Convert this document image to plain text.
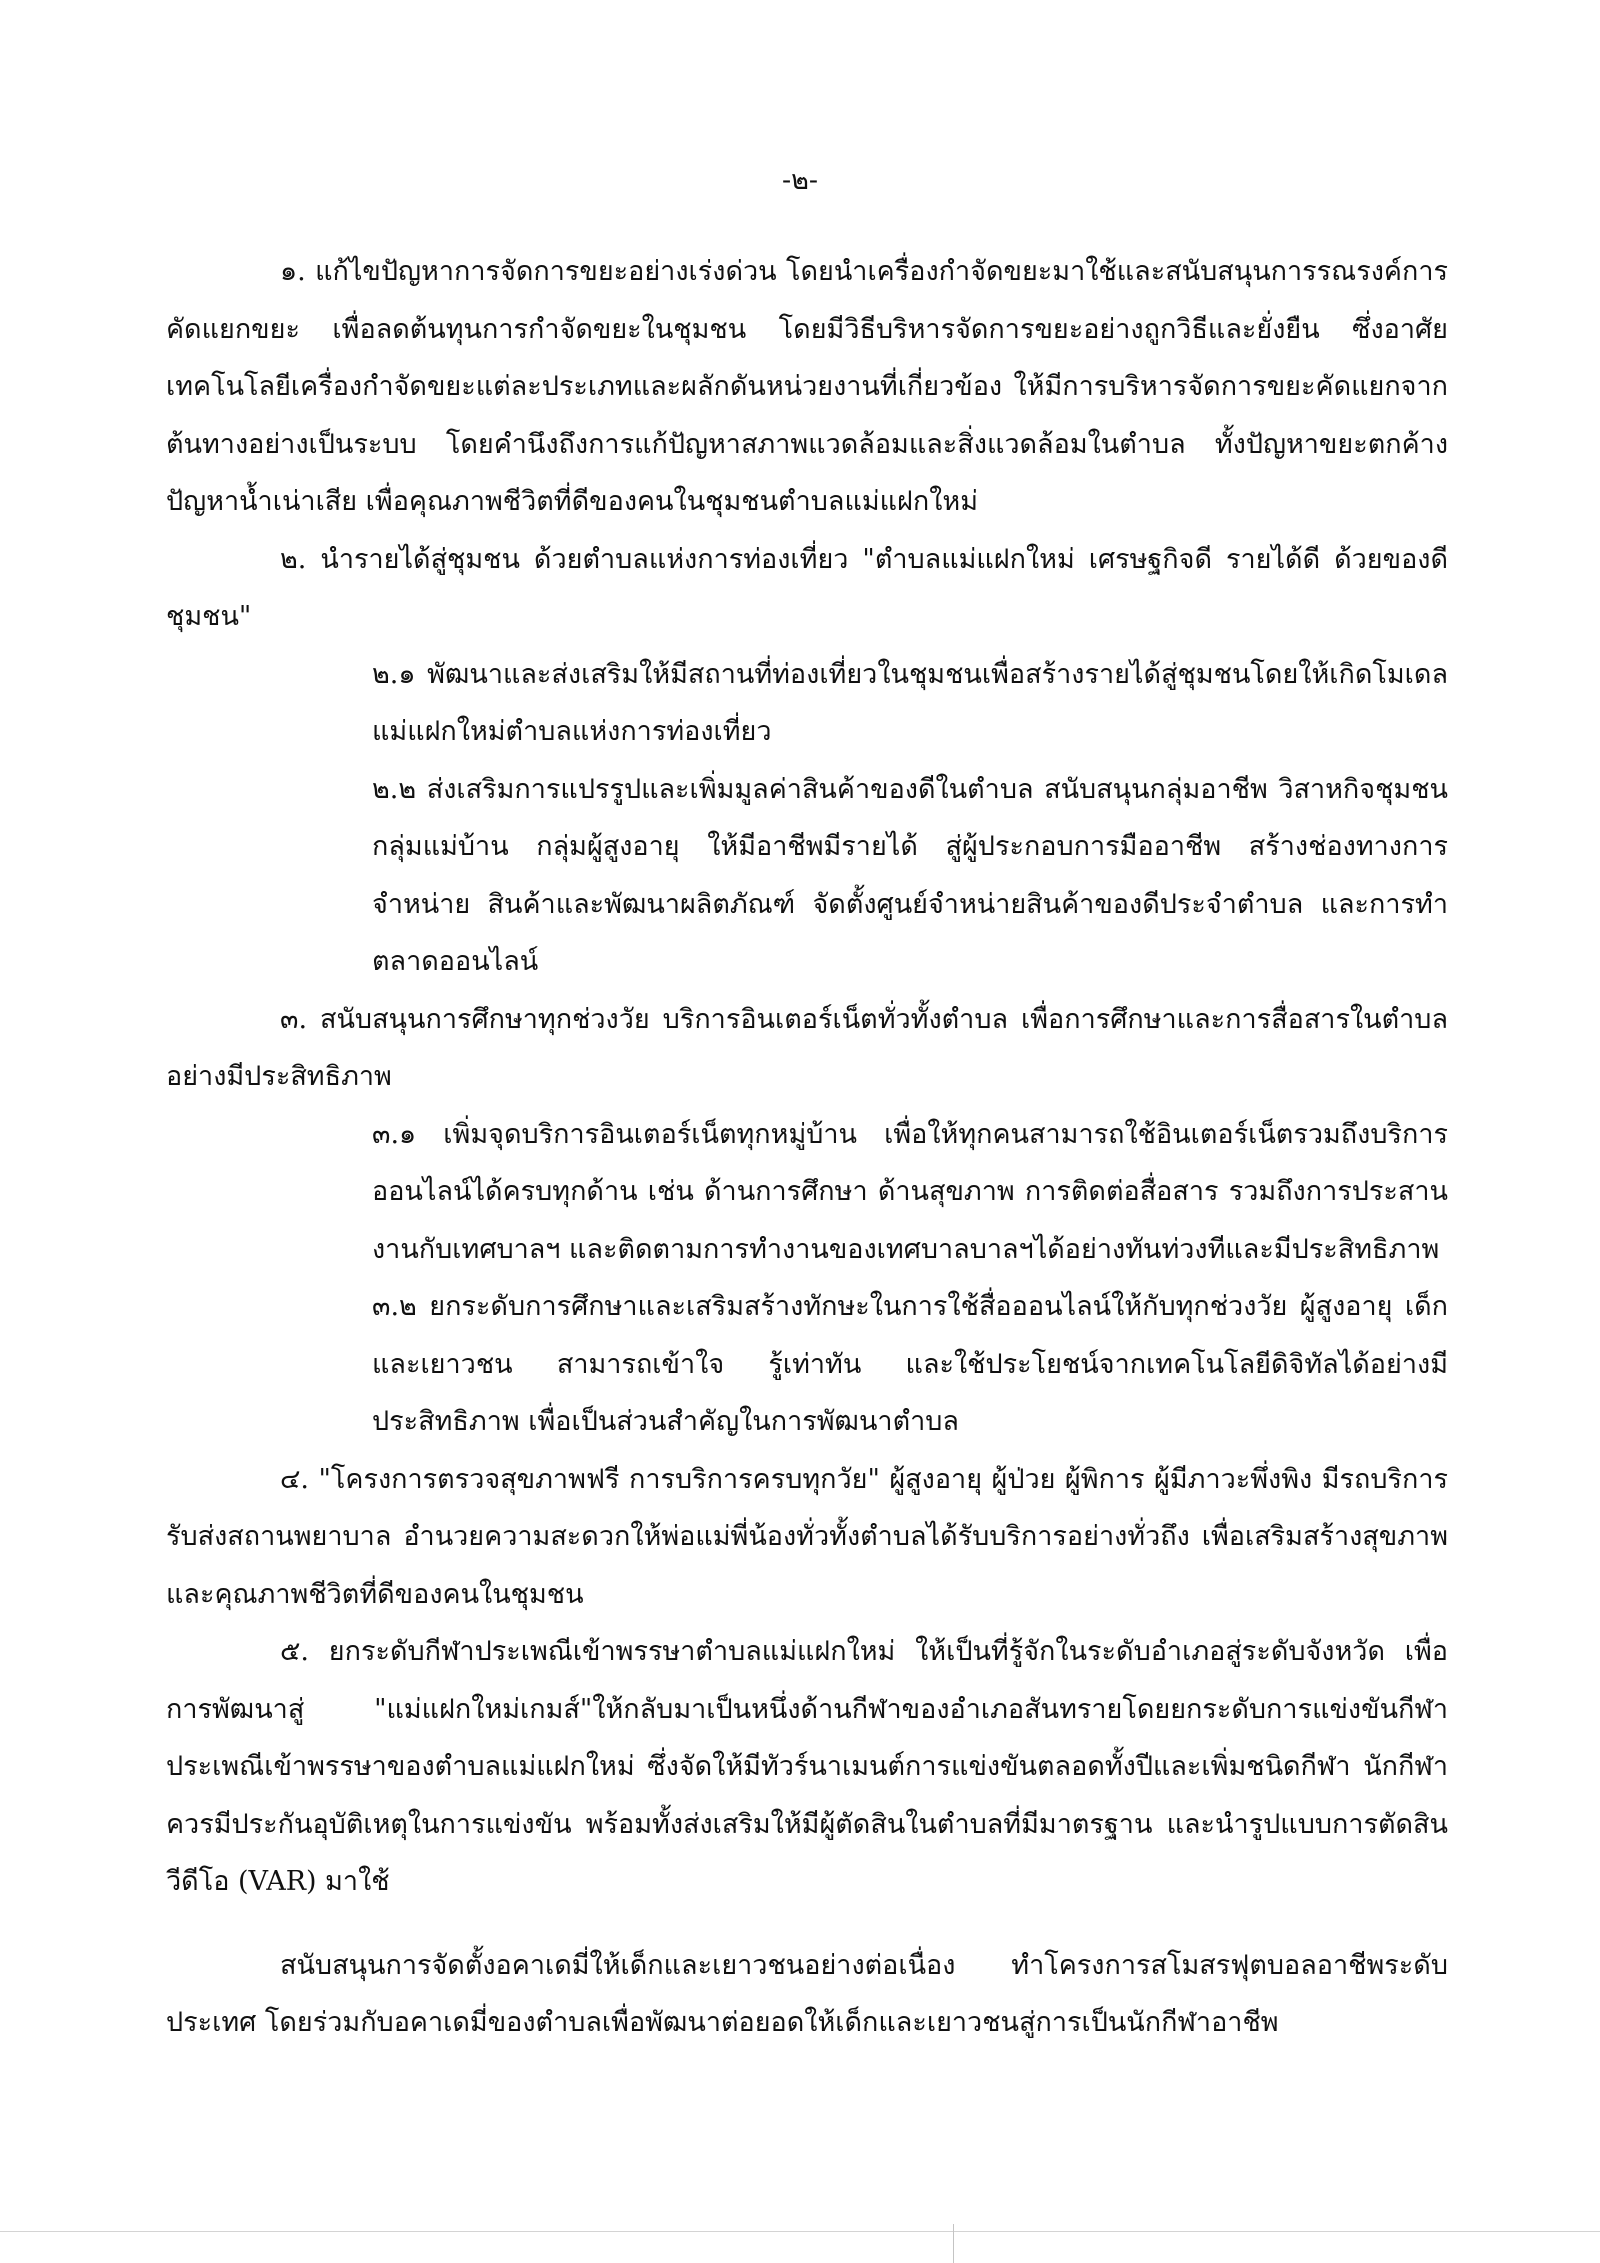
-๒-

๑. แก้ไขปัญหาการจัดการขยะอย่างเร่งด่วน โดยนำเครื่องกำจัดขยะมาใช้และสนับสนุนการรณรงค์การคัดแยกขยะ เพื่อลดต้นทุนการกำจัดขยะในชุมชน โดยมีวิธีบริหารจัดการขยะอย่างถูกวิธีและยั่งยืน ซึ่งอาศัยเทคโนโลยีเครื่องกำจัดขยะแต่ละประเภทและผลักดันหน่วยงานที่เกี่ยวข้อง ให้มีการบริหารจัดการขยะคัดแยกจากต้นทางอย่างเป็นระบบ โดยคำนึงถึงการแก้ปัญหาสภาพแวดล้อมและสิ่งแวดล้อมในตำบล ทั้งปัญหาขยะตกค้าง ปัญหาน้ำเน่าเสีย เพื่อคุณภาพชีวิตที่ดีของคนในชุมชนตำบลแม่แฝกใหม่

๒. นำรายได้สู่ชุมชน ด้วยตำบลแห่งการท่องเที่ยว "ตำบลแม่แฝกใหม่ เศรษฐกิจดี รายได้ดี ด้วยของดีชุมชน"

๒.๑ พัฒนาและส่งเสริมให้มีสถานที่ท่องเที่ยวในชุมชนเพื่อสร้างรายได้สู่ชุมชนโดยให้เกิดโมเดล แม่แฝกใหม่ตำบลแห่งการท่องเที่ยว

๒.๒ ส่งเสริมการแปรรูปและเพิ่มมูลค่าสินค้าของดีในตำบล สนับสนุนกลุ่มอาชีพ วิสาหกิจชุมชน กลุ่มแม่บ้าน กลุ่มผู้สูงอายุ ให้มีอาชีพมีรายได้ สู่ผู้ประกอบการมืออาชีพ สร้างช่องทางการจำหน่าย สินค้าและพัฒนาผลิตภัณฑ์ จัดตั้งศูนย์จำหน่ายสินค้าของดีประจำตำบล และการทำตลาดออนไลน์

๓. สนับสนุนการศึกษาทุกช่วงวัย บริการอินเตอร์เน็ตทั่วทั้งตำบล เพื่อการศึกษาและการสื่อสารในตำบลอย่างมีประสิทธิภาพ

๓.๑ เพิ่มจุดบริการอินเตอร์เน็ตทุกหมู่บ้าน เพื่อให้ทุกคนสามารถใช้อินเตอร์เน็ตรวมถึงบริการออนไลน์ได้ครบทุกด้าน เช่น ด้านการศึกษา ด้านสุขภาพ การติดต่อสื่อสาร รวมถึงการประสานงานกับเทศบาลฯ และติดตามการทำงานของเทศบาลบาลฯได้อย่างทันท่วงทีและมีประสิทธิภาพ

๓.๒ ยกระดับการศึกษาและเสริมสร้างทักษะในการใช้สื่อออนไลน์ให้กับทุกช่วงวัย ผู้สูงอายุ เด็กและเยาวชน สามารถเข้าใจ รู้เท่าทัน และใช้ประโยชน์จากเทคโนโลยีดิจิทัลได้อย่างมีประสิทธิภาพ เพื่อเป็นส่วนสำคัญในการพัฒนาตำบล

๔. "โครงการตรวจสุขภาพฟรี การบริการครบทุกวัย" ผู้สูงอายุ ผู้ป่วย ผู้พิการ ผู้มีภาวะพึ่งพิง มีรถบริการรับส่งสถานพยาบาล อำนวยความสะดวกให้พ่อแม่พี่น้องทั่วทั้งตำบลได้รับบริการอย่างทั่วถึง เพื่อเสริมสร้างสุขภาพและคุณภาพชีวิตที่ดีของคนในชุมชน

๕. ยกระดับกีฬาประเพณีเข้าพรรษาตำบลแม่แฝกใหม่ ให้เป็นที่รู้จักในระดับอำเภอสู่ระดับจังหวัด เพื่อการพัฒนาสู่ "แม่แฝกใหม่เกมส์"ให้กลับมาเป็นหนึ่งด้านกีฬาของอำเภอสันทรายโดยยกระดับการแข่งขันกีฬาประเพณีเข้าพรรษาของตำบลแม่แฝกใหม่ ซึ่งจัดให้มีทัวร์นาเมนต์การแข่งขันตลอดทั้งปีและเพิ่มชนิดกีฬา นักกีฬาควรมีประกันอุบัติเหตุในการแข่งขัน พร้อมทั้งส่งเสริมให้มีผู้ตัดสินในตำบลที่มีมาตรฐาน และนำรูปแบบการตัดสินวีดีโอ (VAR) มาใช้

สนับสนุนการจัดตั้งอคาเดมี่ให้เด็กและเยาวชนอย่างต่อเนื่อง ทำโครงการสโมสรฟุตบอลอาชีพระดับประเทศ โดยร่วมกับอคาเดมี่ของตำบลเพื่อพัฒนาต่อยอดให้เด็กและเยาวชนสู่การเป็นนักกีฬาอาชีพ
